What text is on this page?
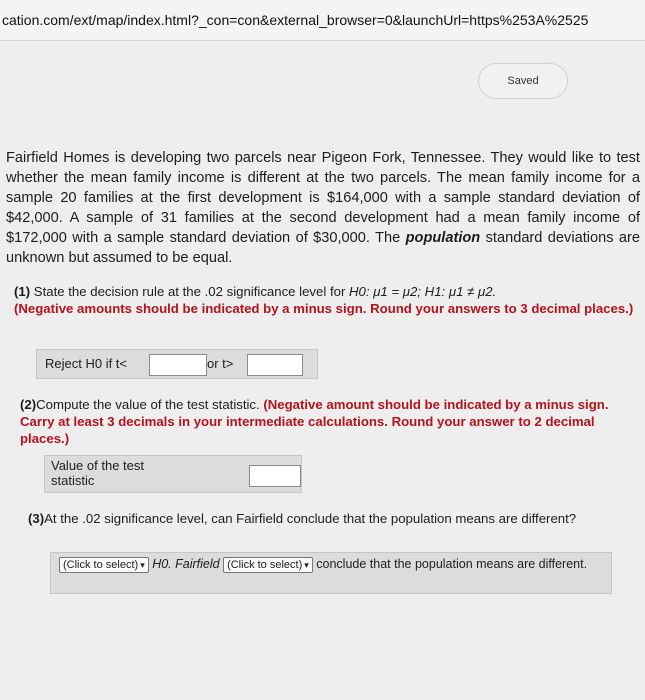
cation.com/ext/map/index.html?_con=con&external_browser=0&launchUrl=https%253A%2525
Saved
Fairfield Homes is developing two parcels near Pigeon Fork, Tennessee. They would like to test whether the mean family income is different at the two parcels. The mean family income for a sample 20 families at the first development is $164,000 with a sample standard deviation of $42,000. A sample of 31 families at the second development had a mean family income of $172,000 with a sample standard deviation of $30,000. The population standard deviations are unknown but assumed to be equal.
(1) State the decision rule at the .02 significance level for H0: μ1 = μ2; H1: μ1 ≠ μ2.
(Negative amounts should be indicated by a minus sign. Round your answers to 3 decimal places.)
Reject H0 if t<	or t>
(2)Compute the value of the test statistic. (Negative amount should be indicated by a minus sign. Carry at least 3 decimals in your intermediate calculations. Round your answer to 2 decimal places.)
Value of the test statistic
(3)At the .02 significance level, can Fairfield conclude that the population means are different?
(Click to select) ▾ H0. Fairfield (Click to select) ▾ conclude that the population means are different.
